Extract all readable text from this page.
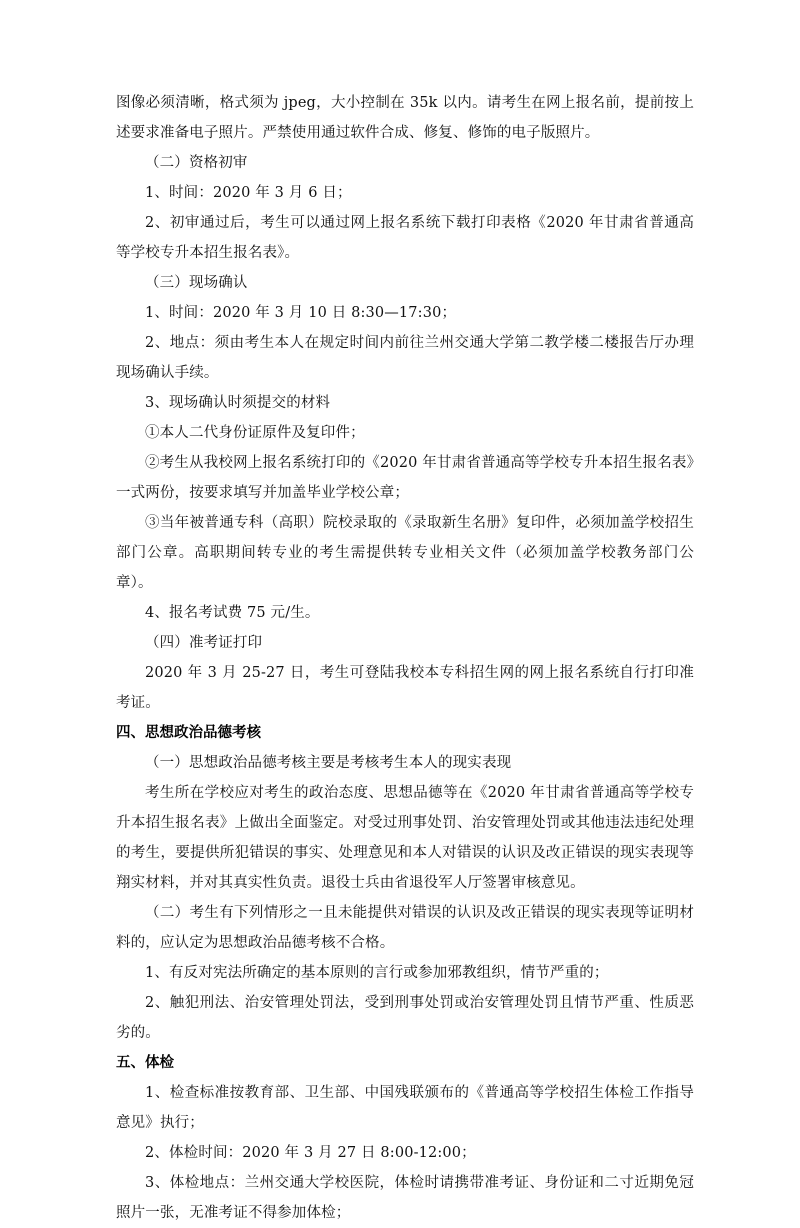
图像必须清晰，格式须为 jpeg，大小控制在 35k 以内。请考生在网上报名前，提前按上述要求准备电子照片。严禁使用通过软件合成、修复、修饰的电子版照片。

（二）资格初审

1、时间：2020 年 3 月 6 日；

2、初审通过后，考生可以通过网上报名系统下载打印表格《2020 年甘肃省普通高等学校专升本招生报名表》。

（三）现场确认

1、时间：2020 年 3 月 10 日 8:30—17:30；

2、地点：须由考生本人在规定时间内前往兰州交通大学第二教学楼二楼报告厅办理现场确认手续。

3、现场确认时须提交的材料

①本人二代身份证原件及复印件；

②考生从我校网上报名系统打印的《2020 年甘肃省普通高等学校专升本招生报名表》一式两份，按要求填写并加盖毕业学校公章；

③当年被普通专科（高职）院校录取的《录取新生名册》复印件，必须加盖学校招生部门公章。高职期间转专业的考生需提供转专业相关文件（必须加盖学校教务部门公章）。

4、报名考试费 75 元/生。

（四）准考证打印

2020 年 3 月 25-27 日，考生可登陆我校本专科招生网的网上报名系统自行打印准考证。

四、思想政治品德考核

（一）思想政治品德考核主要是考核考生本人的现实表现

考生所在学校应对考生的政治态度、思想品德等在《2020 年甘肃省普通高等学校专升本招生报名表》上做出全面鉴定。对受过刑事处罚、治安管理处罚或其他违法违纪处理的考生，要提供所犯错误的事实、处理意见和本人对错误的认识及改正错误的现实表现等翔实材料，并对其真实性负责。退役士兵由省退役军人厅签署审核意见。

（二）考生有下列情形之一且未能提供对错误的认识及改正错误的现实表现等证明材料的，应认定为思想政治品德考核不合格。

1、有反对宪法所确定的基本原则的言行或参加邪教组织，情节严重的；

2、触犯刑法、治安管理处罚法，受到刑事处罚或治安管理处罚且情节严重、性质恶劣的。

五、体检

1、检查标准按教育部、卫生部、中国残联颁布的《普通高等学校招生体检工作指导意见》执行；

2、体检时间：2020 年 3 月 27 日 8:00-12:00；

3、体检地点：兰州交通大学校医院，体检时请携带准考证、身份证和二寸近期免冠照片一张，无准考证不得参加体检；
